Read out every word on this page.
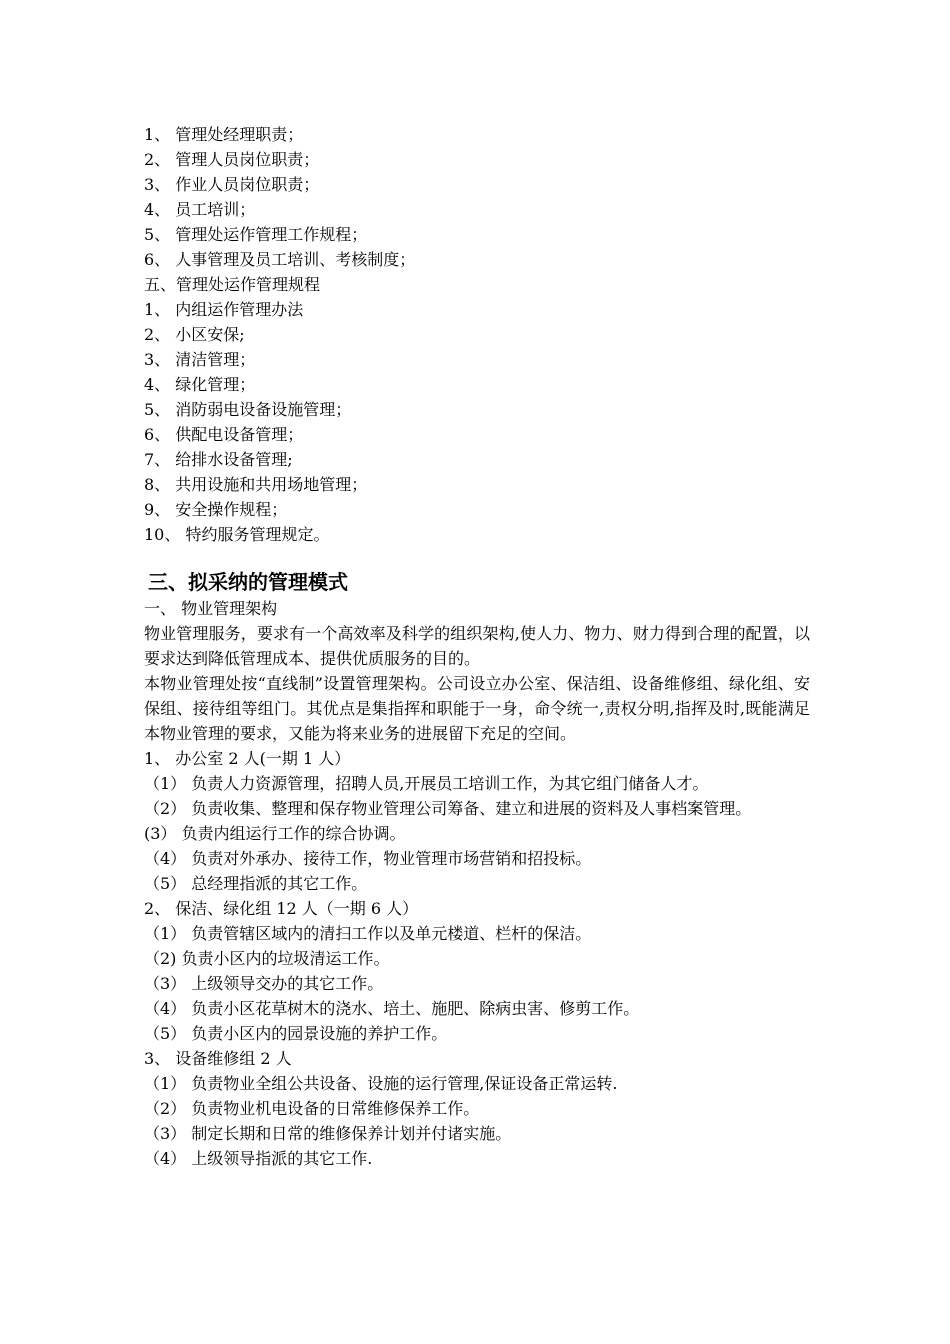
1、 管理处经理职责；
2、 管理人员岗位职责；
3、 作业人员岗位职责；
4、 员工培训；
5、 管理处运作管理工作规程；
6、 人事管理及员工培训、考核制度；
五、管理处运作管理规程
1、 内组运作管理办法
2、 小区安保;
3、 清洁管理；
4、 绿化管理；
5、 消防弱电设备设施管理；
6、 供配电设备管理；
7、 给排水设备管理;
8、 共用设施和共用场地管理；
9、 安全操作规程；
10、 特约服务管理规定。
三、拟采纳的管理模式
一、 物业管理架构
物业管理服务，要求有一个高效率及科学的组织架构,使人力、物力、财力得到合理的配置，以要求达到降低管理成本、提供优质服务的目的。
本物业管理处按“直线制”设置管理架构。公司设立办公室、保洁组、设备维修组、绿化组、安保组、接待组等组门。其优点是集指挥和职能于一身，命令统一,责权分明,指挥及时,既能满足本物业管理的要求，又能为将来业务的进展留下充足的空间。
1、 办公室 2 人(一期 1 人）
（1） 负责人力资源管理，招聘人员,开展员工培训工作，为其它组门储备人才。
（2） 负责收集、整理和保存物业管理公司筹备、建立和进展的资料及人事档案管理。
(3） 负责内组运行工作的综合协调。
（4） 负责对外承办、接待工作，物业管理市场营销和招投标。
（5） 总经理指派的其它工作。
2、 保洁、绿化组 12 人（一期 6 人）
（1） 负责管辖区域内的清扫工作以及单元楼道、栏杆的保洁。
（2) 负责小区内的垃圾清运工作。
（3） 上级领导交办的其它工作。
（4） 负责小区花草树木的浇水、培土、施肥、除病虫害、修剪工作。
（5） 负责小区内的园景设施的养护工作。
3、 设备维修组 2 人
（1） 负责物业全组公共设备、设施的运行管理,保证设备正常运转.
（2） 负责物业机电设备的日常维修保养工作。
（3） 制定长期和日常的维修保养计划并付诸实施。
（4） 上级领导指派的其它工作.
